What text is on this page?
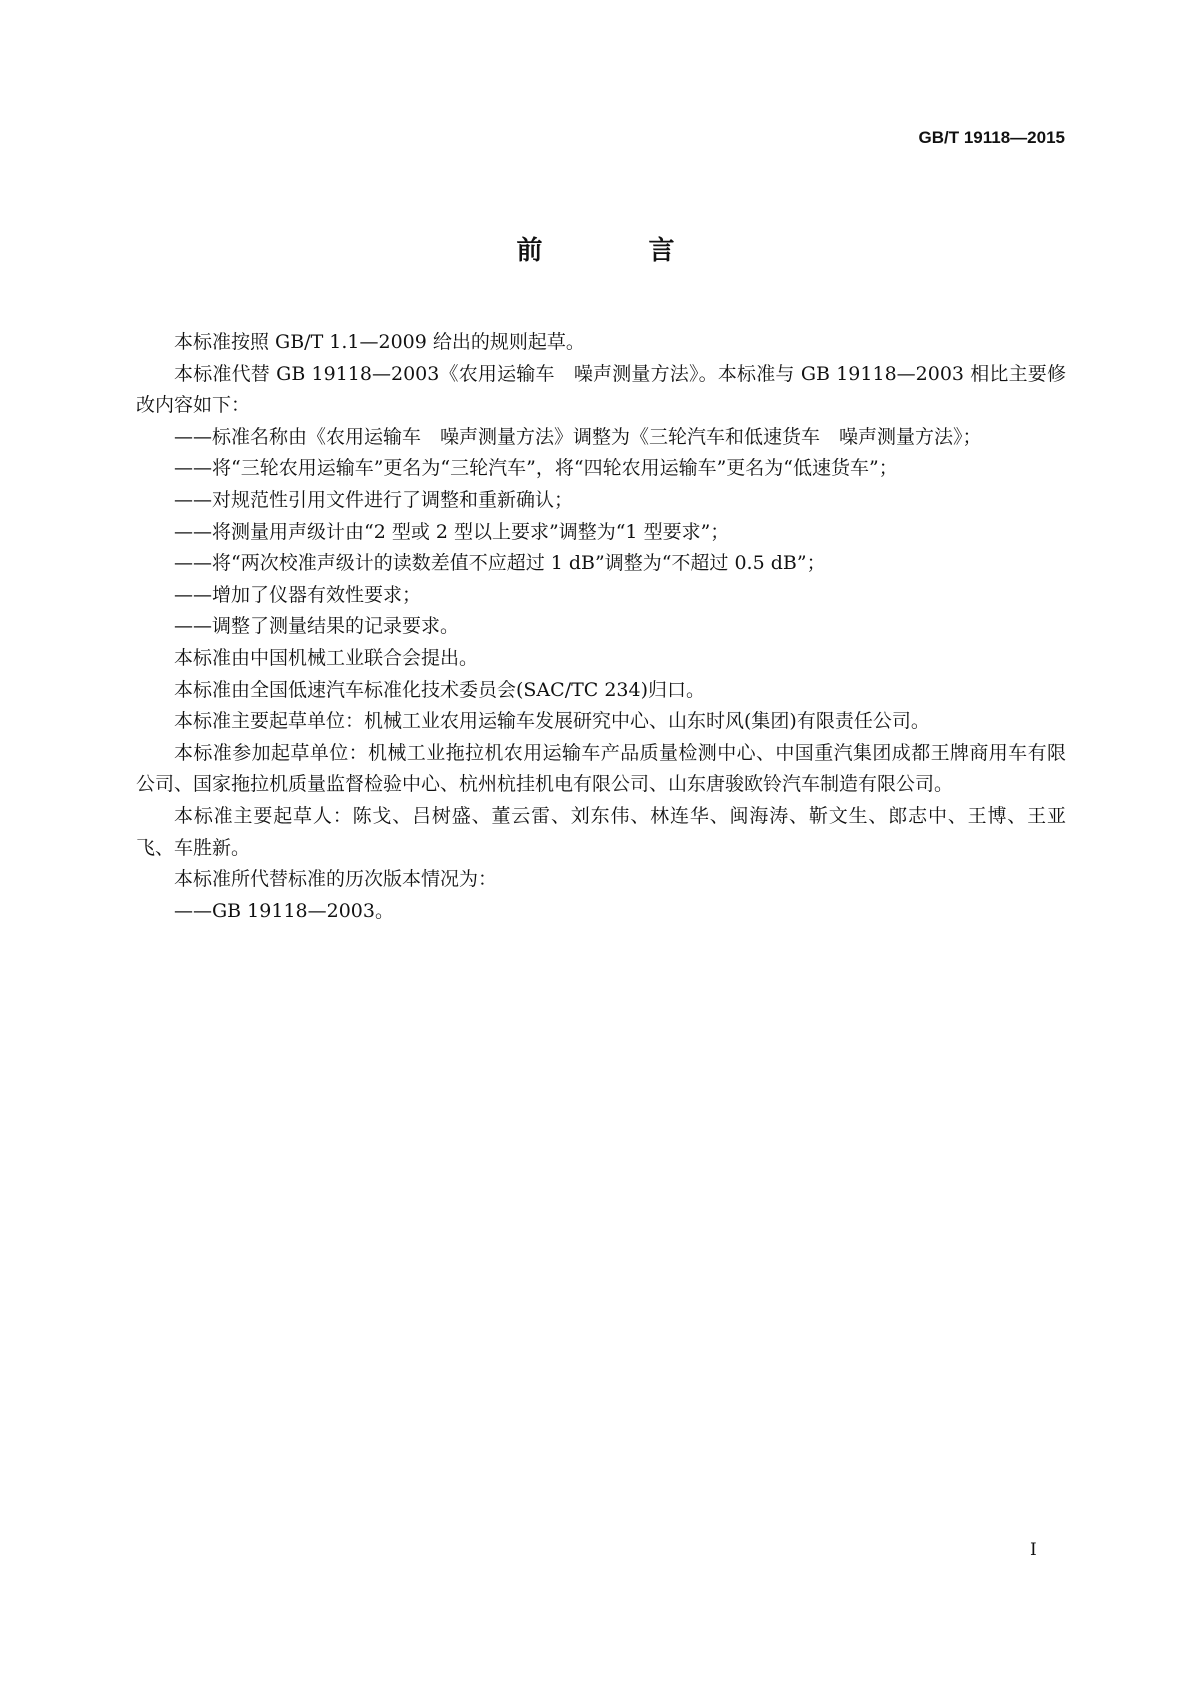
GB/T 19118—2015
前　言

本标准按照 GB/T 1.1—2009 给出的规则起草。

本标准代替 GB 19118—2003《农用运输车　噪声测量方法》。本标准与 GB 19118—2003 相比主要修改内容如下：

——标准名称由《农用运输车　噪声测量方法》调整为《三轮汽车和低速货车　噪声测量方法》；

——将“三轮农用运输车”更名为“三轮汽车”，将“四轮农用运输车”更名为“低速货车”；

——对规范性引用文件进行了调整和重新确认；

——将测量用声级计由“2 型或 2 型以上要求”调整为“1 型要求”；

——将“两次校准声级计的读数差值不应超过 1 dB”调整为“不超过 0.5 dB”；

——增加了仪器有效性要求；

——调整了测量结果的记录要求。

本标准由中国机械工业联合会提出。

本标准由全国低速汽车标准化技术委员会(SAC/TC 234)归口。

本标准主要起草单位：机械工业农用运输车发展研究中心、山东时风(集团)有限责任公司。

本标准参加起草单位：机械工业拖拉机农用运输车产品质量检测中心、中国重汽集团成都王牌商用车有限公司、国家拖拉机质量监督检验中心、杭州杭挂机电有限公司、山东唐骏欧铃汽车制造有限公司。

本标准主要起草人：陈戈、吕树盛、董云雷、刘东伟、林连华、闽海涛、靳文生、郎志中、王博、王亚飞、车胜新。

本标准所代替标准的历次版本情况为：

——GB 19118—2003。

I
